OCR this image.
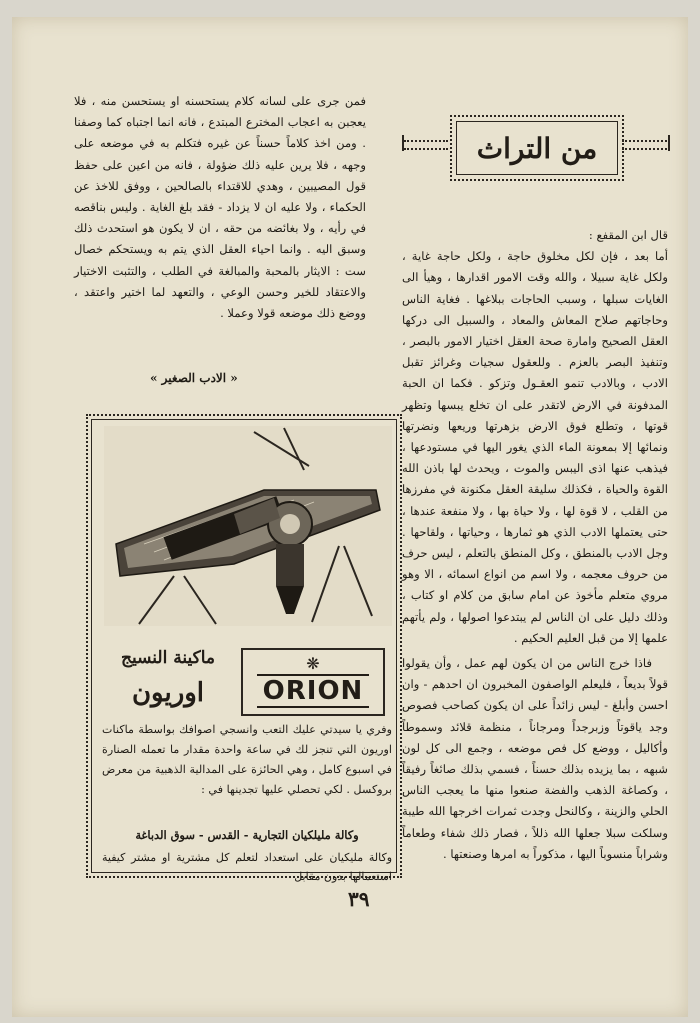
من التراث

قال ابن المقفع :

أما بعد ، فإن لكل مخلوق حاجة ، ولكل حاجة غاية ، ولكل غاية سبيلا ، والله وقت الامور اقدارها ، وهيأ الى الغايات سبلها ، وسبب الحاجات ببلاغها . فغاية الناس وحاجاتهم صلاح المعاش والمعاد ، والسبيل الى دركها العقل الصحيح وامارة صحة العقل اختيار الامور بالبصر ، وتنفيذ البصر بالعزم . وللعقول سجيات وغرائز تقبل الادب ، وبالادب تنمو العقـول وتزكو . فكما ان الحبة المدفونة في الارض لاتقدر على ان تخلع يبسها وتظهر قوتها ، وتطلع فوق الارض بزهرتها وريعها ونضرتها ونمائها إلا بمعونة الماء الذي يغور اليها في مستودعها ، فيذهب عنها اذى اليبس والموت ، ويحدث لها باذن الله القوة والحياة ، فكذلك سليقة العقل مكنونة في مفرزها من القلب ، لا قوة لها ، ولا حياة بها ، ولا منفعة عندها ، حتى يعتملها الادب الذي هو ثمارها ، وحياتها ، ولقاحها . وجل الادب بالمنطق ، وكل المنطق بالتعلم ، ليس حرف من حروف معجمه ، ولا اسم من انواع اسمائه ، الا وهو مروي متعلم مأخوذ عن امام سابق من كلام او كتاب ، وذلك دليل على ان الناس لم يبتدعوا اصولها ، ولم يأتهم علمها إلا من قبل العليم الحكيم .

فاذا خرج الناس من ان يكون لهم عمل ، وأن يقولوا قولاً بديعاً ، فليعلم الواصفون المخبرون ان احدهم - وان احسن وأبلغ - ليس زائداً على ان يكون كصاحب فصوص وجد ياقوتاً وزبرجداً ومرجاناً ، منظمة قلائد وسموطاً وأكاليل ، ووضع كل فص موضعه ، وجمع الى كل لون شبهه ، بما يزيده بذلك حسناً ، فسمي بذلك صائغاً رفيقاً ، وكصاغة الذهب والفضة صنعوا منها ما يعجب الناس الحلي والزينة ، وكالنحل وجدت ثمرات اخرجها الله طيبة وسلكت سبلا جعلها الله ذللاً ، فصار ذلك شفاء وطعاماً وشراباً منسوباً اليها ، مذكوراً به امرها وصنعتها .

فمن جرى على لسانه كلام يستحسنه او يستحسن منه ، فلا يعجبن به اعجاب المخترع المبتدع ، فانه انما اجتباه كما وصفنا . ومن اخذ كلاماً حسناً عن غيره فتكلم به في موضعه على وجهه ، فلا يرين عليه ذلك ضؤولة ، فانه من اعين على حفظ قول المصيبين ، وهدي للاقتداء بالصالحين ، ووفق للاخذ عن الحكماء ، ولا عليه ان لا يزداد - فقد بلغ الغاية . وليس بناقصه في رأيه ، ولا بغائضه من حقه ، ان لا يكون هو استحدث ذلك وسبق اليه . وانما احياء العقل الذي يتم به ويستحكم خصال ست : الايثار بالمحبة والمبالغة في الطلب ، والتثبت الاختيار والاعتقاد للخير وحسن الوعي ، والتعهد لما اختير واعتقد ، ووضع ذلك موضعه قولا وعملا .

« الادب الصغير »
❋
ORION
ماكينة النسيج
اوريون

وفري يا سيدتي عليك التعب وانسجي اصوافك بواسطة ماكنات اوريون التي تنجز لك في ساعة واحدة مقدار ما تعمله الصنارة في اسبوع كامل ، وهي الحائزة على المدالية الذهبية من معرض بروكسل . لكي تحصلي عليها تجدينها في :

وكالة مليلكيان التجارية - القدس - سوق الدباغة
وكالة مليكيان على استعداد لتعلم كل مشترية او مشتر كيفية استعمالها بدون مقابل
٣٩
